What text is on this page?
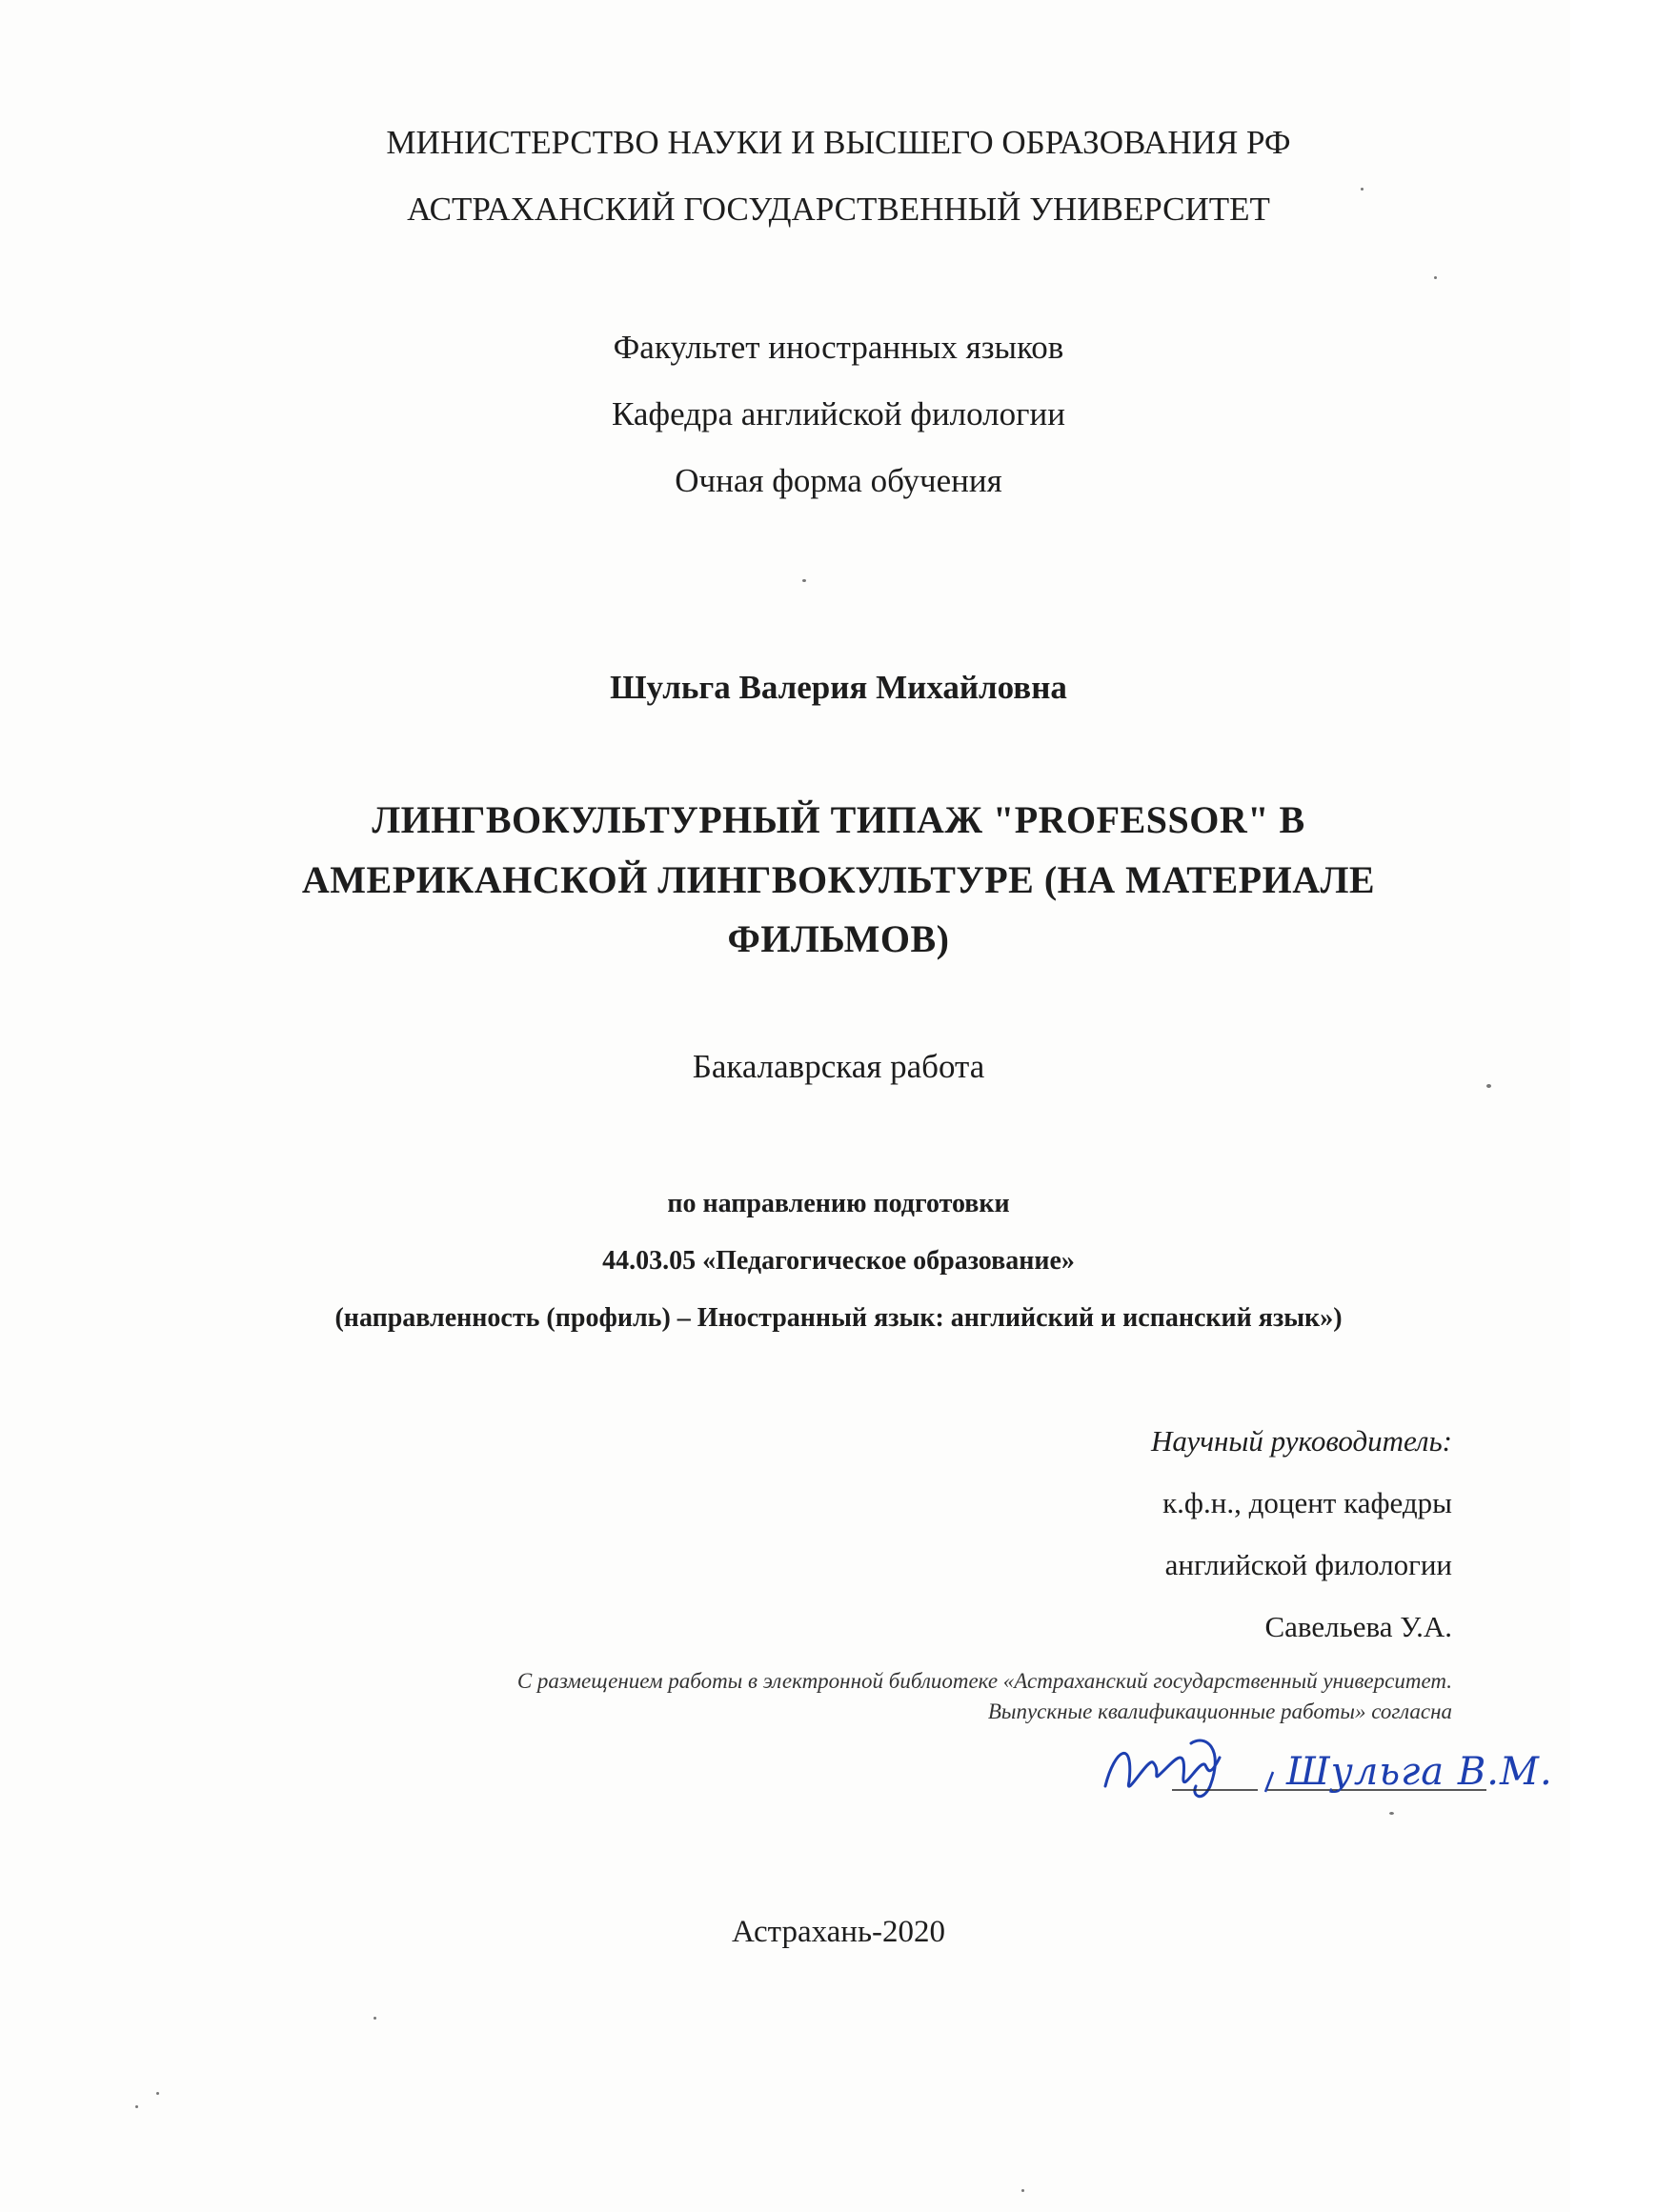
МИНИСТЕРСТВО НАУКИ И ВЫСШЕГО ОБРАЗОВАНИЯ РФ
АСТРАХАНСКИЙ ГОСУДАРСТВЕННЫЙ УНИВЕРСИТЕТ
Факультет иностранных языков
Кафедра английской филологии
Очная форма обучения
Шульга Валерия Михайловна
ЛИНГВОКУЛЬТУРНЫЙ ТИПАЖ "PROFESSOR" В
АМЕРИКАНСКОЙ ЛИНГВОКУЛЬТУРЕ (НА МАТЕРИАЛЕ
ФИЛЬМОВ)
Бакалаврская работа
по направлению подготовки
44.03.05 «Педагогическое образование»
(направленность (профиль) – Иностранный язык: английский и испанский язык»)
Научный руководитель:
к.ф.н., доцент кафедры
английской филологии
Савельева У.А.
С размещением работы в электронной библиотеке «Астраханский государственный университет.
Выпускные квалификационные работы» согласна
Шульга В.М.
Астрахань-2020
